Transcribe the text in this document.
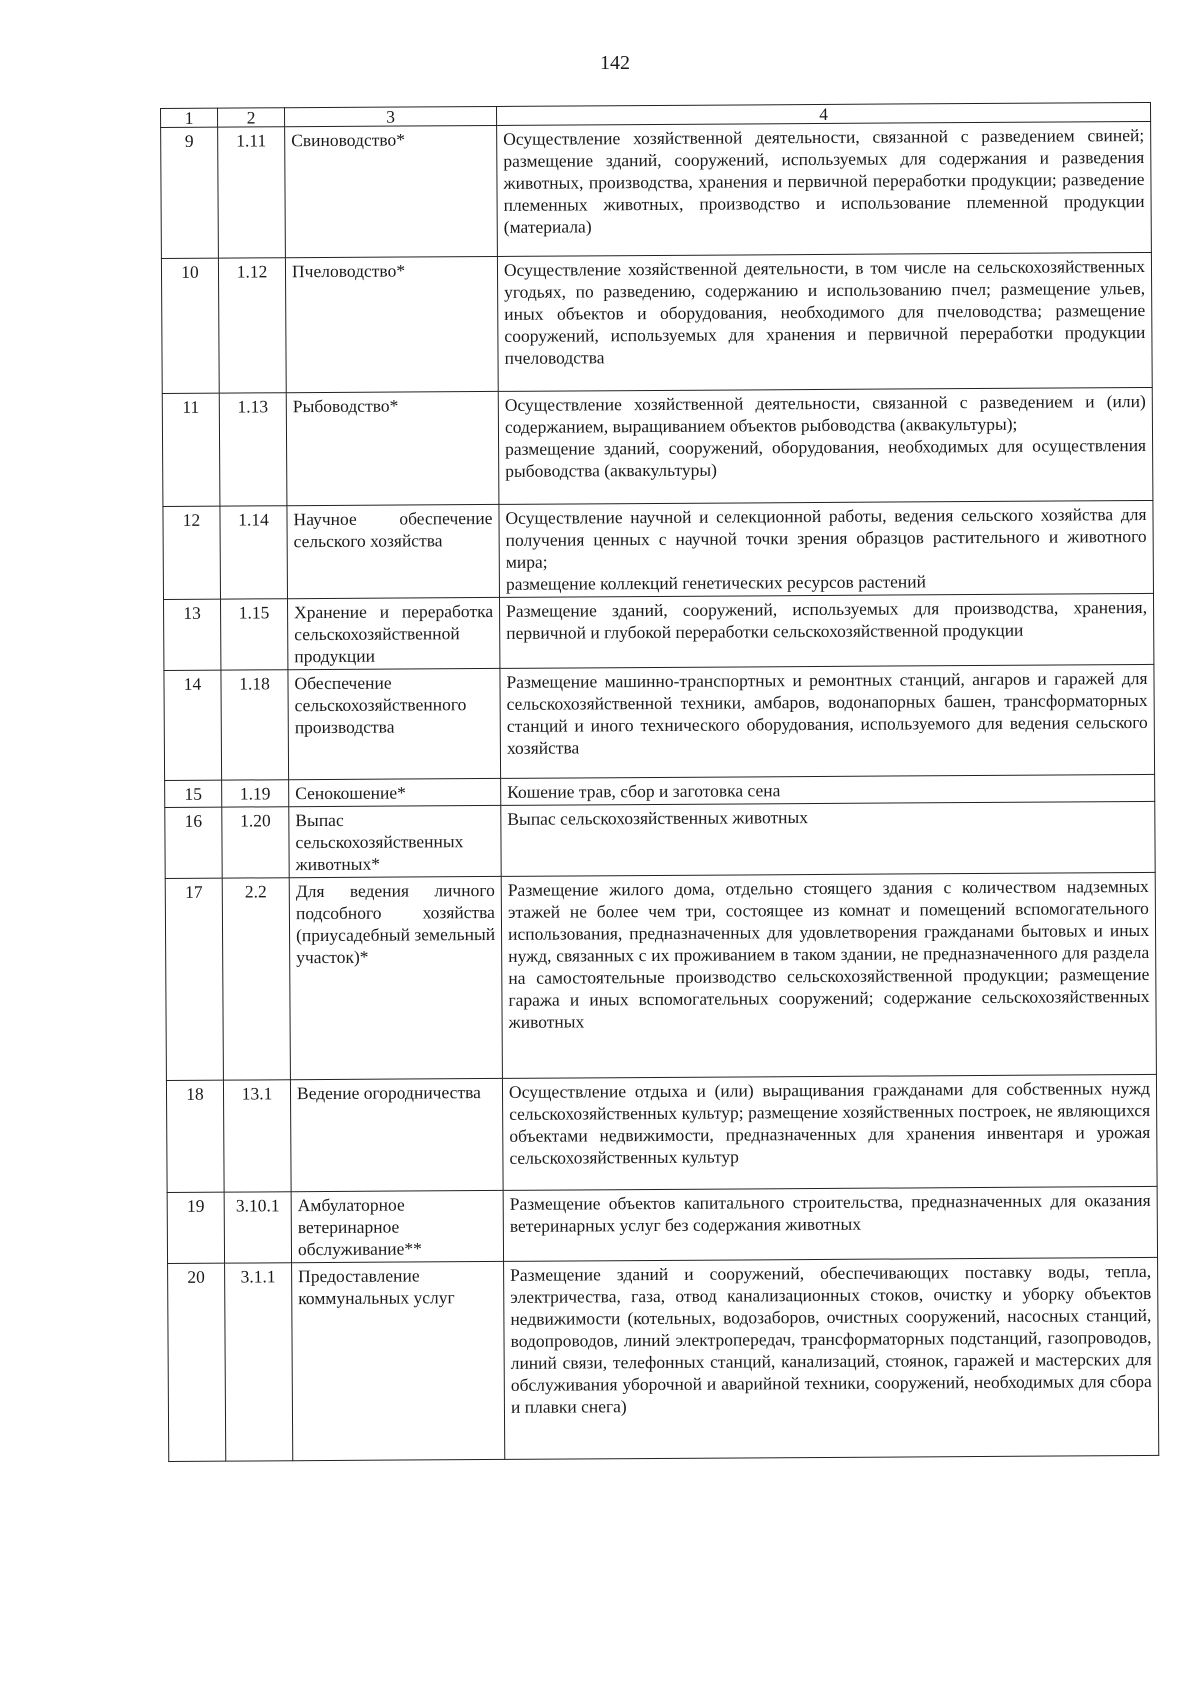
142
1	2	3	4
9	1.11	Свиноводство*	Осуществление хозяйственной деятельности, связанной с разведением свиней; размещение зданий, сооружений, используемых для содержания и разведения животных, производства, хранения и первичной переработки продукции; разведение племенных животных, производство и использование племенной продукции (материала)
10	1.12	Пчеловодство*	Осуществление хозяйственной деятельности, в том числе на сельскохозяйственных угодьях, по разведению, содержанию и использованию пчел; размещение ульев, иных объектов и оборудования, необходимого для пчеловодства; размещение сооружений, используемых для хранения и первичной переработки продукции пчеловодства
11	1.13	Рыбоводство*	Осуществление хозяйственной деятельности, связанной с разведением и (или) содержанием, выращиванием объектов рыбоводства (аквакультуры);
размещение зданий, сооружений, оборудования, необходимых для осуществления рыбоводства (аквакультуры)
12	1.14	Научное обеспечение сельского хозяйства	Осуществление научной и селекционной работы, ведения сельского хозяйства для получения ценных с научной точки зрения образцов растительного и животного мира;
размещение коллекций генетических ресурсов растений
13	1.15	Хранение и переработка сельскохозяйственной продукции	Размещение зданий, сооружений, используемых для производства, хранения, первичной и глубокой переработки сельскохозяйственной продукции
14	1.18	Обеспечение сельскохозяйственного производства	Размещение машинно-транспортных и ремонтных станций, ангаров и гаражей для сельскохозяйственной техники, амбаров, водонапорных башен, трансформаторных станций и иного технического оборудования, используемого для ведения сельского хозяйства
15	1.19	Сенокошение*	Кошение трав, сбор и заготовка сена
16	1.20	Выпас сельскохозяйственных животных*	Выпас сельскохозяйственных животных
17	2.2	Для ведения личного подсобного хозяйства (приусадебный земельный участок)*	Размещение жилого дома, отдельно стоящего здания с количеством надземных этажей не более чем три, состоящее из комнат и помещений вспомогательного использования, предназначенных для удовлетворения гражданами бытовых и иных нужд, связанных с их проживанием в таком здании, не предназначенного для раздела на самостоятельные производство сельскохозяйственной продукции; размещение гаража и иных вспомогательных сооружений; содержание сельскохозяйственных животных
18	13.1	Ведение огородничества	Осуществление отдыха и (или) выращивания гражданами для собственных нужд сельскохозяйственных культур; размещение хозяйственных построек, не являющихся объектами недвижимости, предназначенных для хранения инвентаря и урожая сельскохозяйственных культур
19	3.10.1	Амбулаторное ветеринарное обслуживание**	Размещение объектов капитального строительства, предназначенных для оказания ветеринарных услуг без содержания животных
20	3.1.1	Предоставление коммунальных услуг	Размещение зданий и сооружений, обеспечивающих поставку воды, тепла, электричества, газа, отвод канализационных стоков, очистку и уборку объектов недвижимости (котельных, водозаборов, очистных сооружений, насосных станций, водопроводов, линий электропередач, трансформаторных подстанций, газопроводов, линий связи, телефонных станций, канализаций, стоянок, гаражей и мастерских для обслуживания уборочной и аварийной техники, сооружений, необходимых для сбора и плавки снега)
